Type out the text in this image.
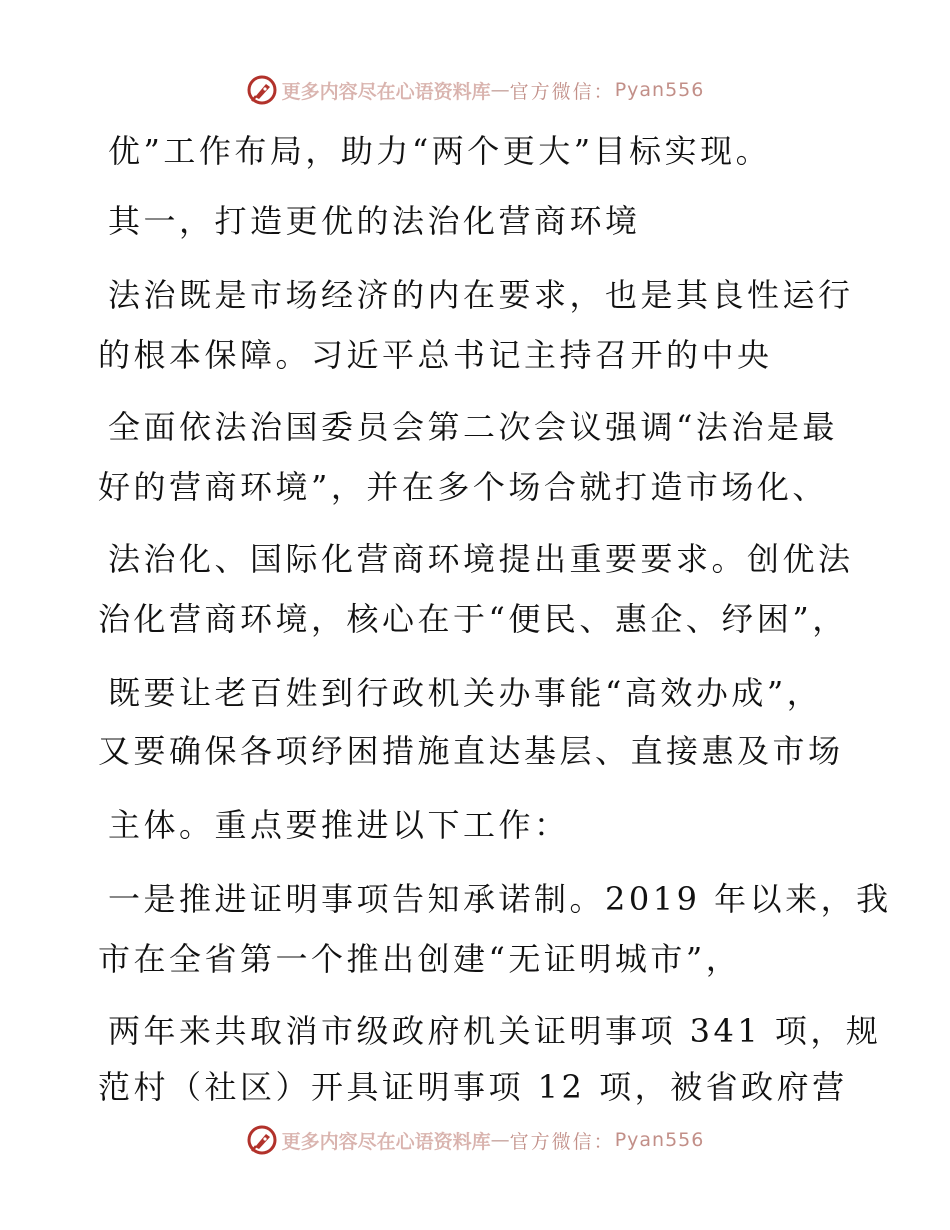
更多内容尽在心语资料库 — 官方微信： Pyan556
优”工作布局，助力“两个更大”目标实现。
其一，打造更优的法治化营商环境
法治既是市场经济的内在要求，也是其良性运行
的根本保障。习近平总书记主持召开的中央
全面依法治国委员会第二次会议强调“法治是最
好的营商环境”，并在多个场合就打造市场化、
法治化、国际化营商环境提出重要要求。创优法
治化营商环境，核心在于“便民、惠企、纾困”，
既要让老百姓到行政机关办事能“高效办成”，
又要确保各项纾困措施直达基层、直接惠及市场
主体。重点要推进以下工作：
一是推进证明事项告知承诺制。2019 年以来，我
市在全省第一个推出创建“无证明城市”，
两年来共取消市级政府机关证明事项 341 项，规
范村（社区）开具证明事项 12 项，被省政府营
更多内容尽在心语资料库 — 官方微信： Pyan556
